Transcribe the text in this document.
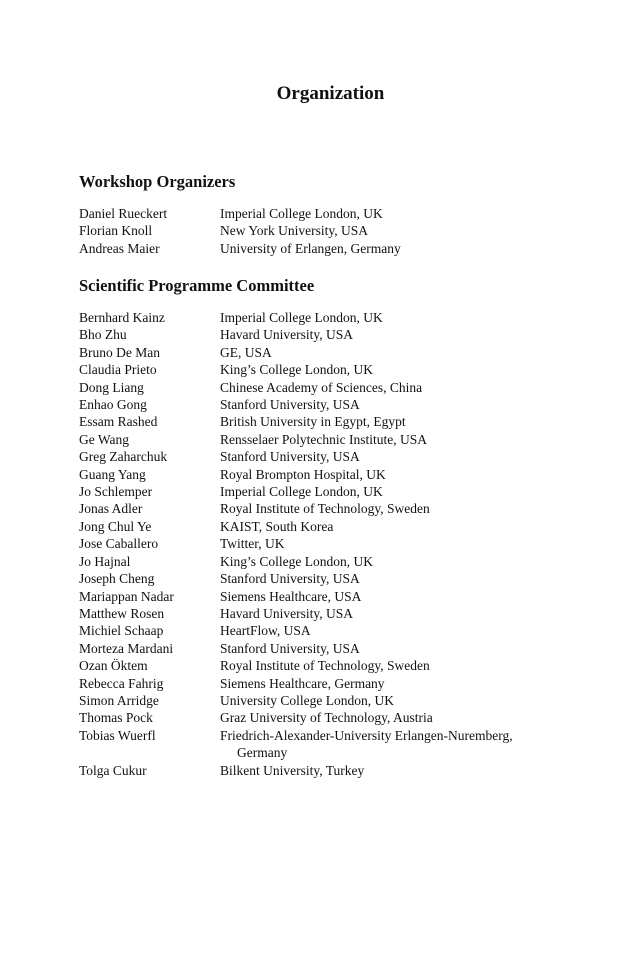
Organization
Workshop Organizers
Daniel Rueckert	Imperial College London, UK
Florian Knoll	New York University, USA
Andreas Maier	University of Erlangen, Germany
Scientific Programme Committee
Bernhard Kainz	Imperial College London, UK
Bho Zhu	Havard University, USA
Bruno De Man	GE, USA
Claudia Prieto	King’s College London, UK
Dong Liang	Chinese Academy of Sciences, China
Enhao Gong	Stanford University, USA
Essam Rashed	British University in Egypt, Egypt
Ge Wang	Rensselaer Polytechnic Institute, USA
Greg Zaharchuk	Stanford University, USA
Guang Yang	Royal Brompton Hospital, UK
Jo Schlemper	Imperial College London, UK
Jonas Adler	Royal Institute of Technology, Sweden
Jong Chul Ye	KAIST, South Korea
Jose Caballero	Twitter, UK
Jo Hajnal	King’s College London, UK
Joseph Cheng	Stanford University, USA
Mariappan Nadar	Siemens Healthcare, USA
Matthew Rosen	Havard University, USA
Michiel Schaap	HeartFlow, USA
Morteza Mardani	Stanford University, USA
Ozan Öktem	Royal Institute of Technology, Sweden
Rebecca Fahrig	Siemens Healthcare, Germany
Simon Arridge	University College London, UK
Thomas Pock	Graz University of Technology, Austria
Tobias Wuerfl	Friedrich-Alexander-University Erlangen-Nuremberg, Germany
Tolga Cukur	Bilkent University, Turkey
